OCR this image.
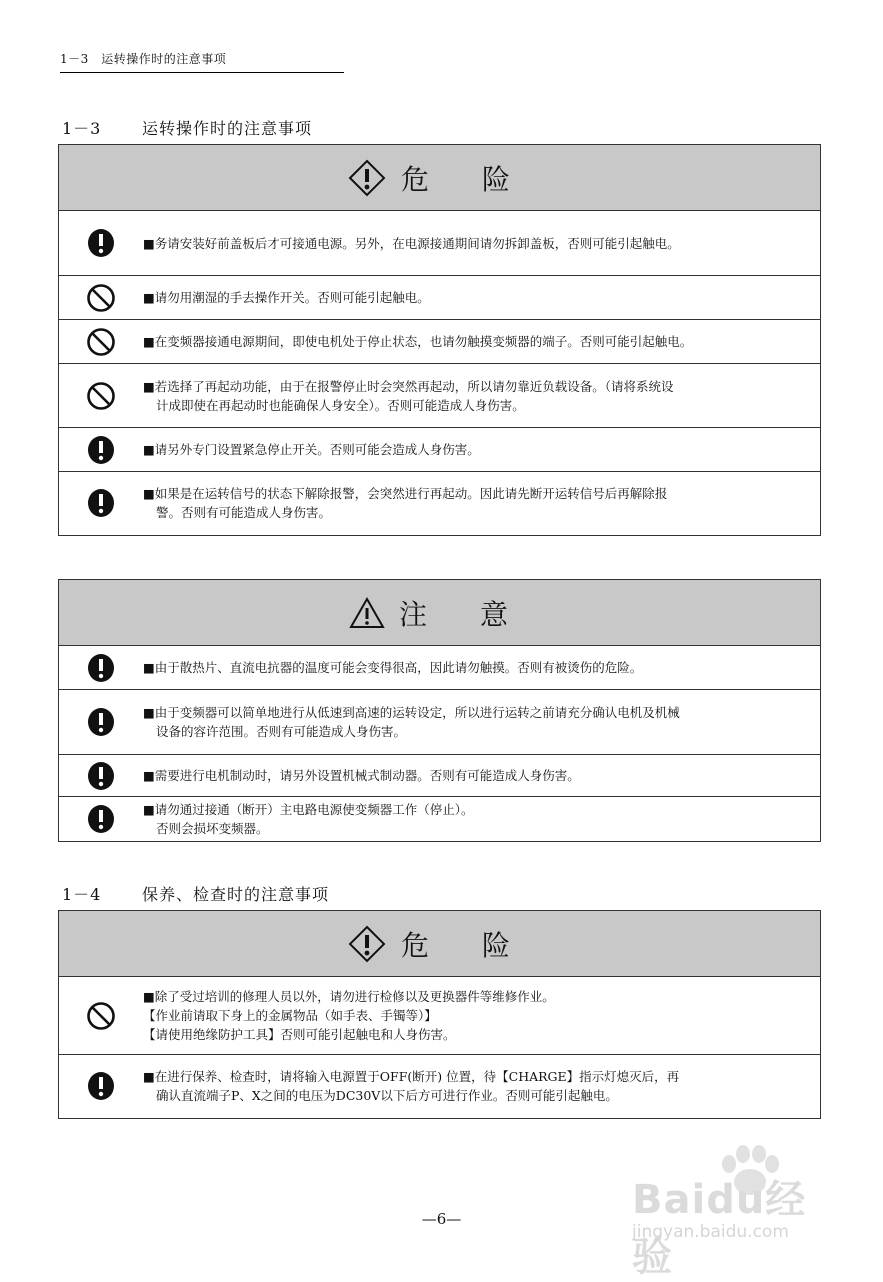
1－3　运转操作时的注意事项
1－3	运转操作时的注意事项
危 险
■务请安装好前盖板后才可接通电源。另外，在电源接通期间请勿拆卸盖板，否则可能引起触电。
■请勿用潮湿的手去操作开关。否则可能引起触电。
■在变频器接通电源期间，即使电机处于停止状态，也请勿触摸变频器的端子。否则可能引起触电。
■若选择了再起动功能，由于在报警停止时会突然再起动，所以请勿靠近负载设备。（请将系统设
计成即使在再起动时也能确保人身安全）。否则可能造成人身伤害。
■请另外专门设置紧急停止开关。否则可能会造成人身伤害。
■如果是在运转信号的状态下解除报警，会突然进行再起动。因此请先断开运转信号后再解除报
警。否则有可能造成人身伤害。
注 意
■由于散热片、直流电抗器的温度可能会变得很高，因此请勿触摸。否则有被烫伤的危险。
■由于变频器可以简单地进行从低速到高速的运转设定，所以进行运转之前请充分确认电机及机械
设备的容许范围。否则有可能造成人身伤害。
■需要进行电机制动时，请另外设置机械式制动器。否则有可能造成人身伤害。
■请勿通过接通（断开）主电路电源使变频器工作（停止）。
否则会损坏变频器。
1－4	保养、检查时的注意事项
危 险
■除了受过培训的修理人员以外，请勿进行检修以及更换器件等维修作业。
【作业前请取下身上的金属物品（如手表、手镯等）】
【请使用绝缘防护工具】否则可能引起触电和人身伤害。
■在进行保养、检查时，请将输入电源置于OFF(断开) 位置，待【CHARGE】指示灯熄灭后，再
确认直流端子P、X之间的电压为DC30V以下后方可进行作业。否则可能引起触电。
—6—	Baidu经验
jingyan.baidu.com
